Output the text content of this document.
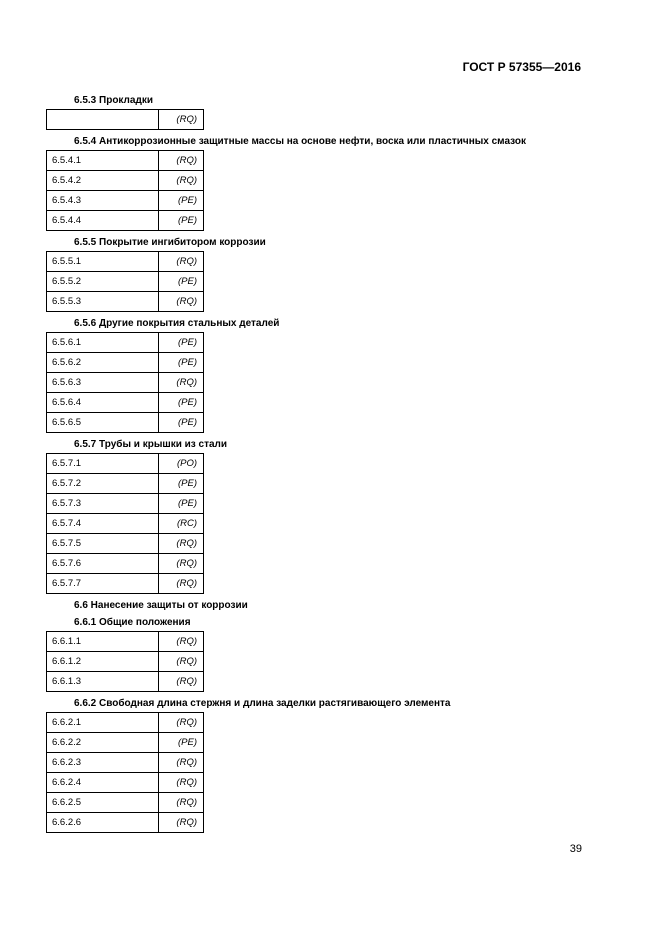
ГОСТ Р 57355—2016
6.5.3 Прокладки
	(RQ)
6.5.4 Антикоррозионные защитные массы на основе нефти, воска или пластичных смазок
6.5.4.1	(RQ)
6.5.4.2	(RQ)
6.5.4.3	(PE)
6.5.4.4	(PE)
6.5.5 Покрытие ингибитором коррозии
6.5.5.1	(RQ)
6.5.5.2	(PE)
6.5.5.3	(RQ)
6.5.6 Другие покрытия стальных деталей
6.5.6.1	(PE)
6.5.6.2	(PE)
6.5.6.3	(RQ)
6.5.6.4	(PE)
6.5.6.5	(PE)
6.5.7 Трубы и крышки из стали
6.5.7.1	(PO)
6.5.7.2	(PE)
6.5.7.3	(PE)
6.5.7.4	(RC)
6.5.7.5	(RQ)
6.5.7.6	(RQ)
6.5.7.7	(RQ)
6.6 Нанесение защиты от коррозии
6.6.1 Общие положения
6.6.1.1	(RQ)
6.6.1.2	(RQ)
6.6.1.3	(RQ)
6.6.2 Свободная длина стержня и длина заделки растягивающего элемента
6.6.2.1	(RQ)
6.6.2.2	(PE)
6.6.2.3	(RQ)
6.6.2.4	(RQ)
6.6.2.5	(RQ)
6.6.2.6	(RQ)
39
